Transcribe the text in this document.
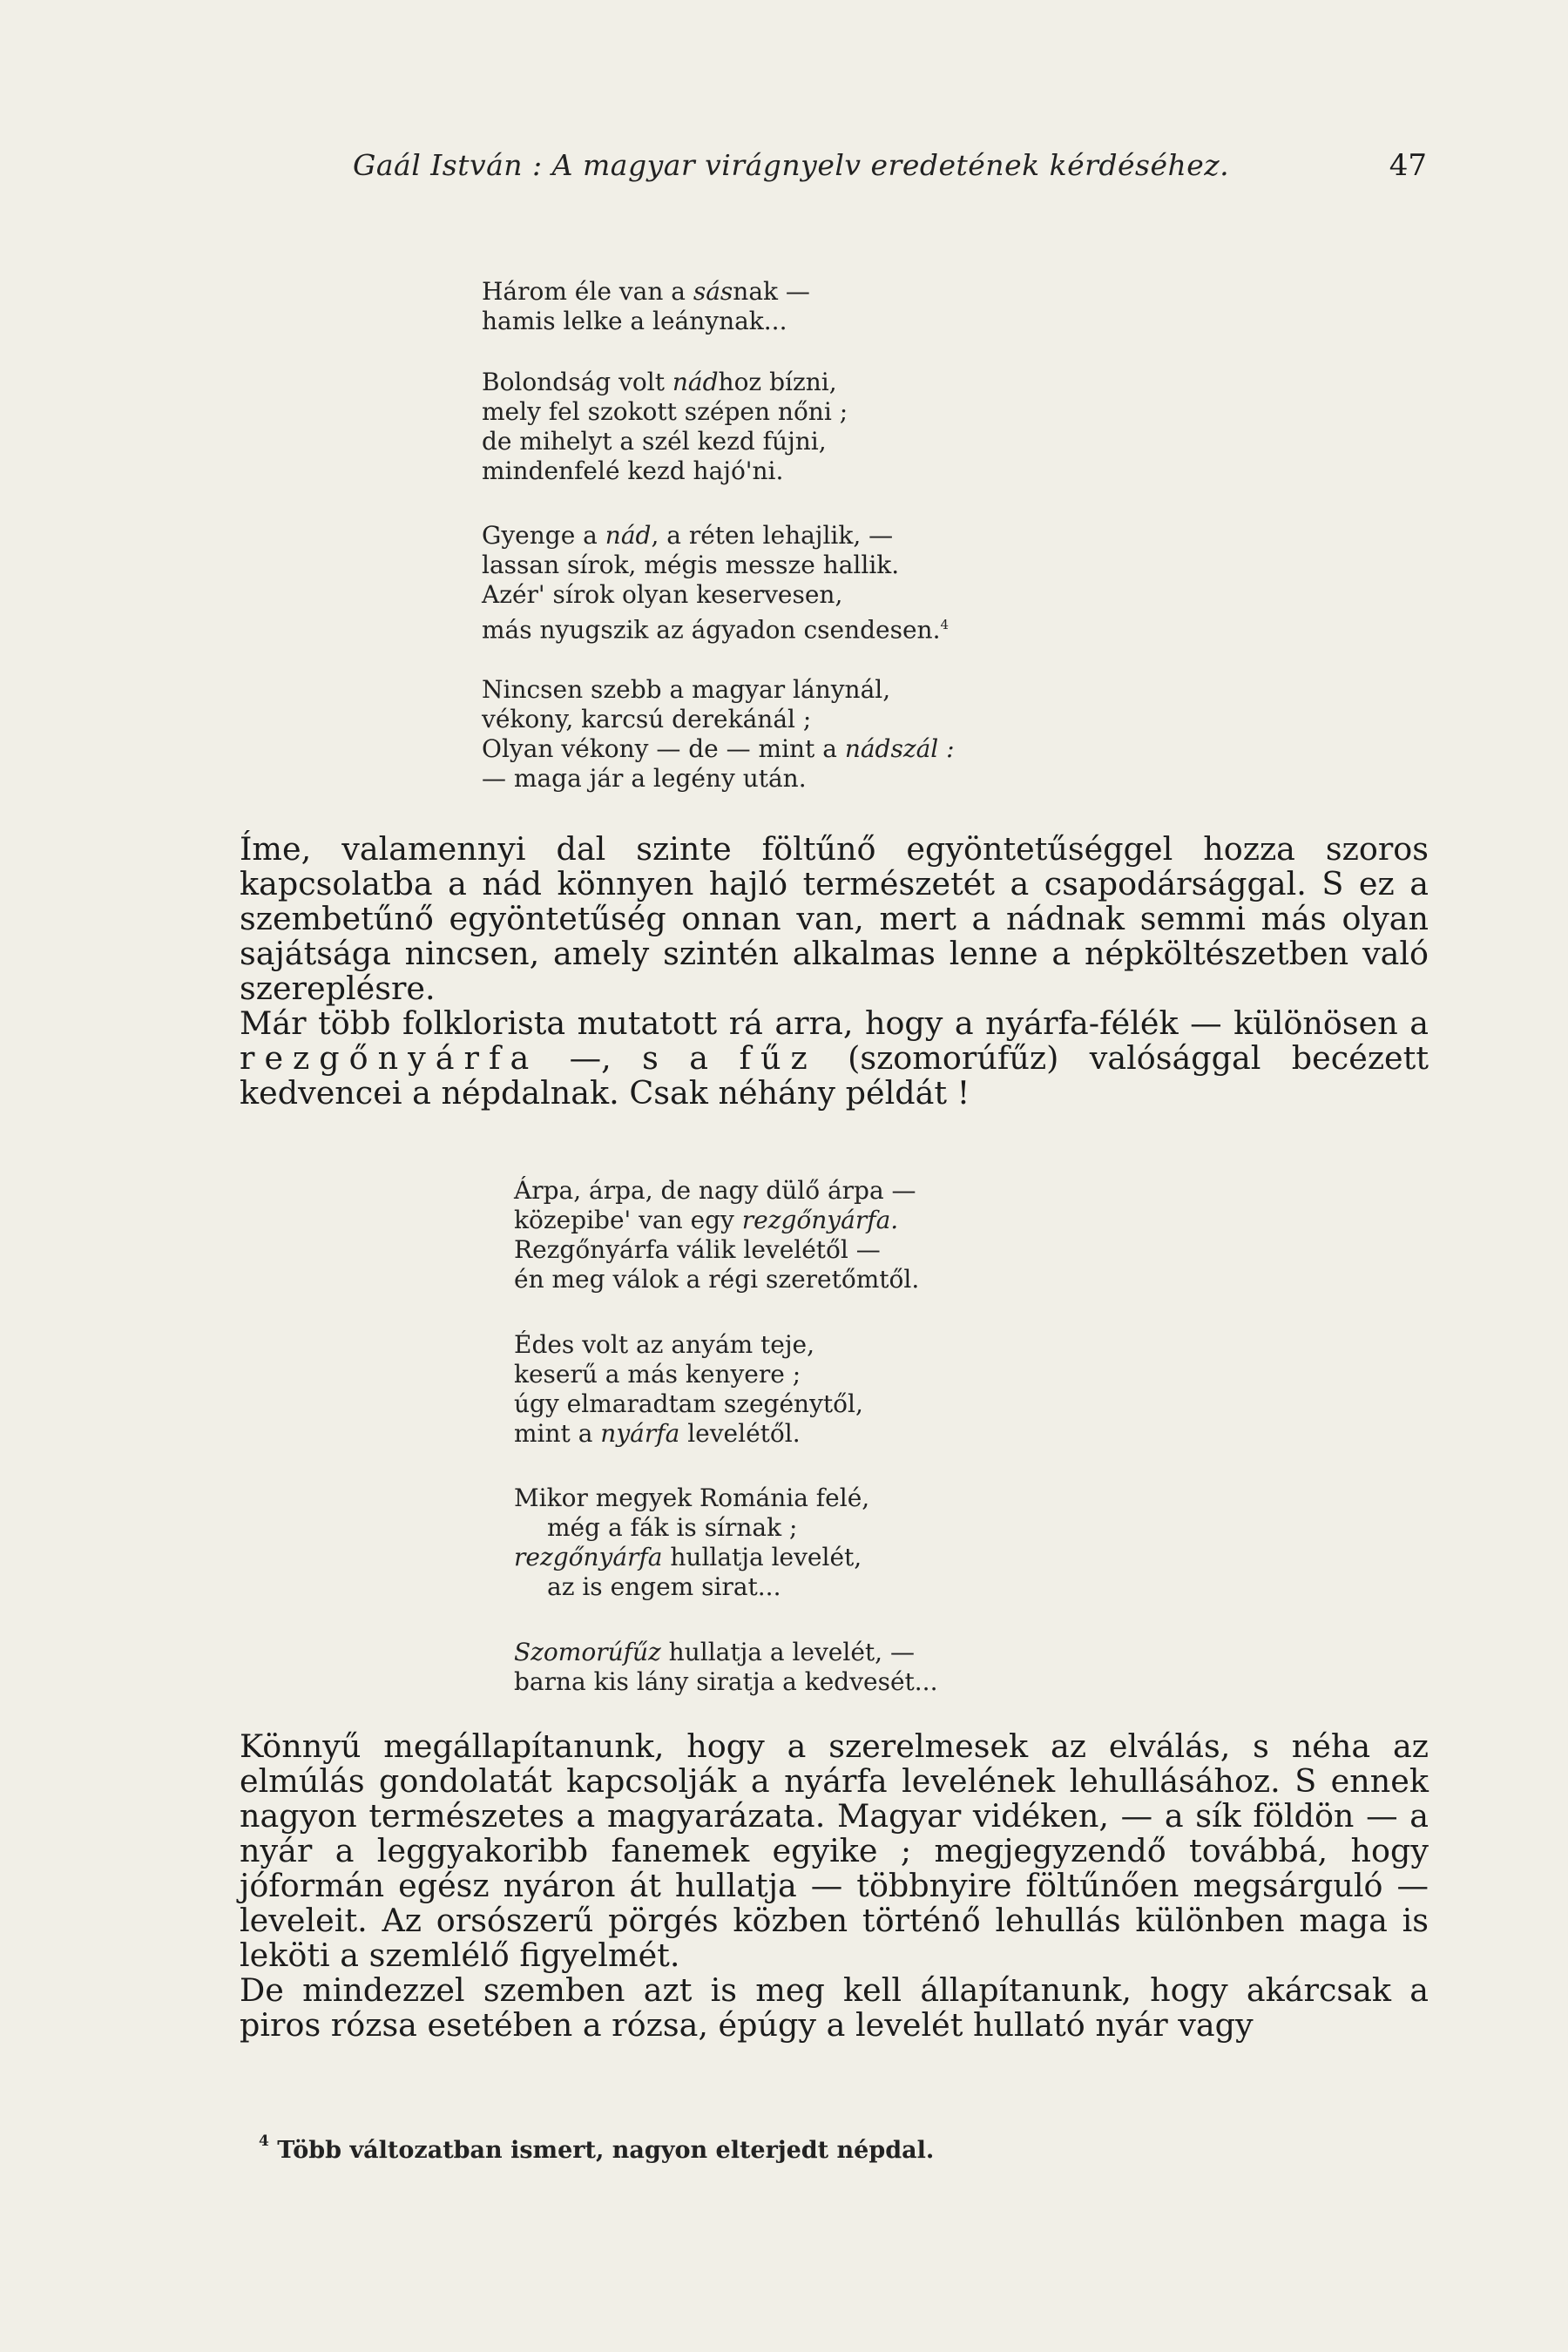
Gaál István : A magyar virágnyelv eredetének kérdéséhez.	47
Három éle van a sásnak —
hamis lelke a leánynak...
Bolondság volt nádhoz bízni,
mely fel szokott szépen nőni ;
de mihelyt a szél kezd fújni,
mindenfelé kezd hajó'ni.
Gyenge a nád, a réten lehajlik, —
lassan sírok, mégis messze hallik.
Azér' sírok olyan keservesen,
más nyugszik az ágyadon csendesen.$^4$
Nincsen szebb a magyar lánynál,
vékony, karcsú derekánál ;
Olyan vékony — de — mint a nádszál :
— maga jár a legény után.

Íme, valamennyi dal szinte föltűnő egyöntetűséggel hozza szoros kapcsolatba a nád könnyen hajló természetét a csapodársággal. S ez a szembetűnő egyöntetűség onnan van, mert a nádnak semmi más olyan sajátsága nincsen, amely szintén alkalmas lenne a népköltészetben való szereplésre.

Már több folklorista mutatott rá arra, hogy a nyárfa-félék — különösen a rezgőnyárfa —, s a fűz (szomorúfűz) valósággal becézett kedvencei a népdalnak. Csak néhány példát !

Árpa, árpa, de nagy dülő árpa —
közepibe' van egy rezgőnyárfa.
Rezgőnyárfa válik levelétől —
én meg válok a régi szeretőmtől.
Édes volt az anyám teje,
keserű a más kenyere ;
úgy elmaradtam szegénytől,
mint a nyárfa levelétől.
Mikor megyek Románia felé,
még a fák is sírnak ;
rezgőnyárfa hullatja levelét,
az is engem sirat...
Szomorúfűz hullatja a levelét, —
barna kis lány siratja a kedvesét...

Könnyű megállapítanunk, hogy a szerelmesek az elválás, s néha az elmúlás gondolatát kapcsolják a nyárfa levelének lehullásához. S ennek nagyon természetes a magyarázata. Magyar vidéken, — a sík földön — a nyár a leggyakoribb fanemek egyike ; megjegyzendő továbbá, hogy jóformán egész nyáron át hullatja — többnyire föltűnően megsárguló — leveleit. Az orsószerű pörgés közben történő lehullás különben maga is leköti a szemlélő figyelmét.

De mindezzel szemben azt is meg kell állapítanunk, hogy akárcsak a piros rózsa esetében a rózsa, épúgy a levelét hullató nyár vagy

$^4$ Több változatban ismert, nagyon elterjedt népdal.
